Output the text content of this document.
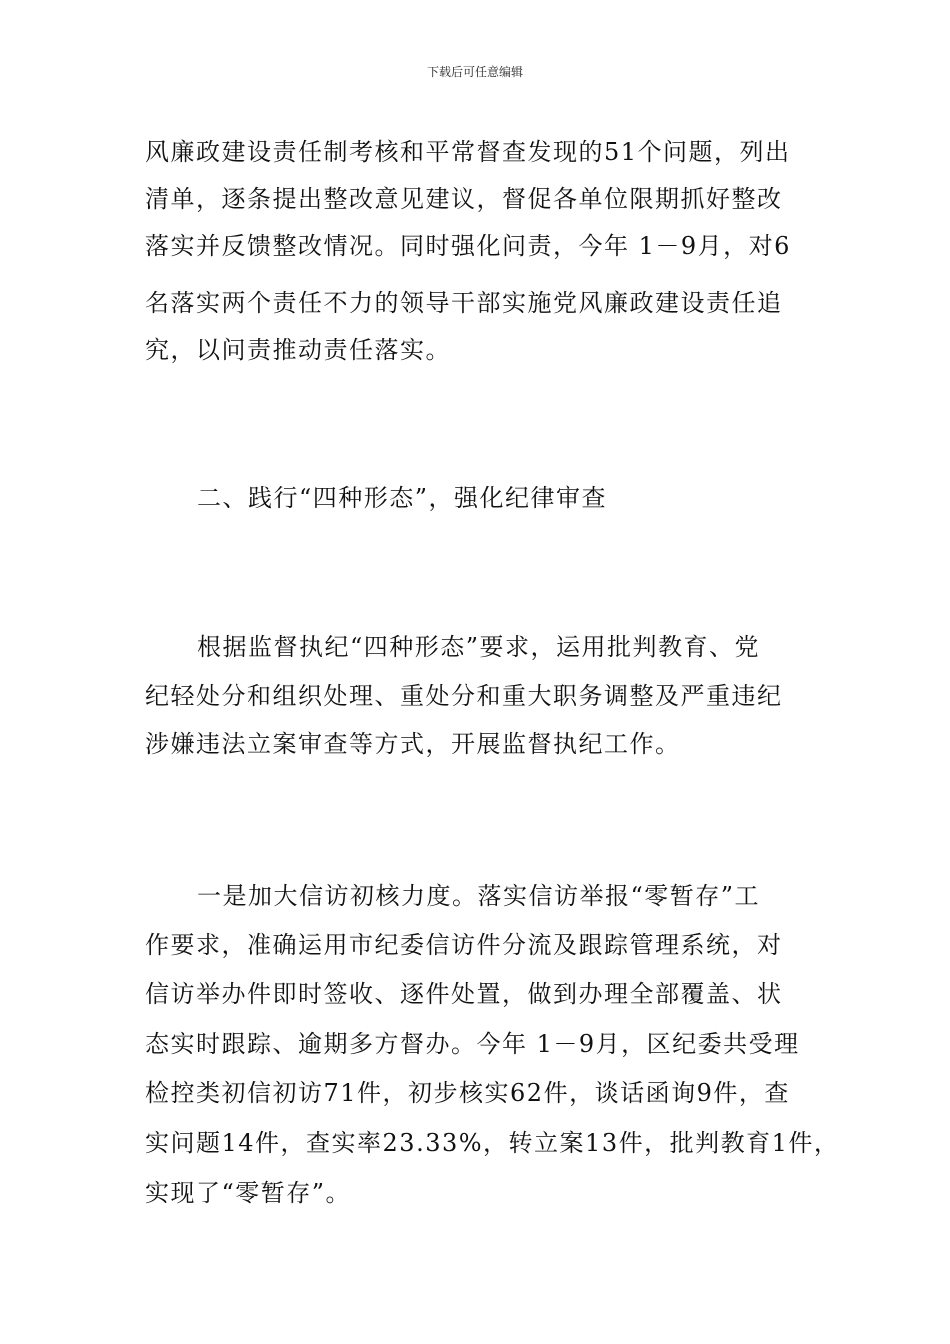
下载后可任意编辑
风廉政建设责任制考核和平常督查发现的51个问题，列出
清单，逐条提出整改意见建议，督促各单位限期抓好整改
落实并反馈整改情况。同时强化问责，今年 1－9月，对6
名落实两个责任不力的领导干部实施党风廉政建设责任追
究，以问责推动责任落实。
二、践行“四种形态”，强化纪律审查
根据监督执纪“四种形态”要求，运用批判教育、党
纪轻处分和组织处理、重处分和重大职务调整及严重违纪
涉嫌违法立案审查等方式，开展监督执纪工作。
一是加大信访初核力度。落实信访举报“零暂存”工
作要求，准确运用市纪委信访件分流及跟踪管理系统，对
信访举办件即时签收、逐件处置，做到办理全部覆盖、状
态实时跟踪、逾期多方督办。今年 1－9月，区纪委共受理
检控类初信初访71件，初步核实62件，谈话函询9件，查
实问题14件，查实率23.33%，转立案13件，批判教育1件，
实现了“零暂存”。
